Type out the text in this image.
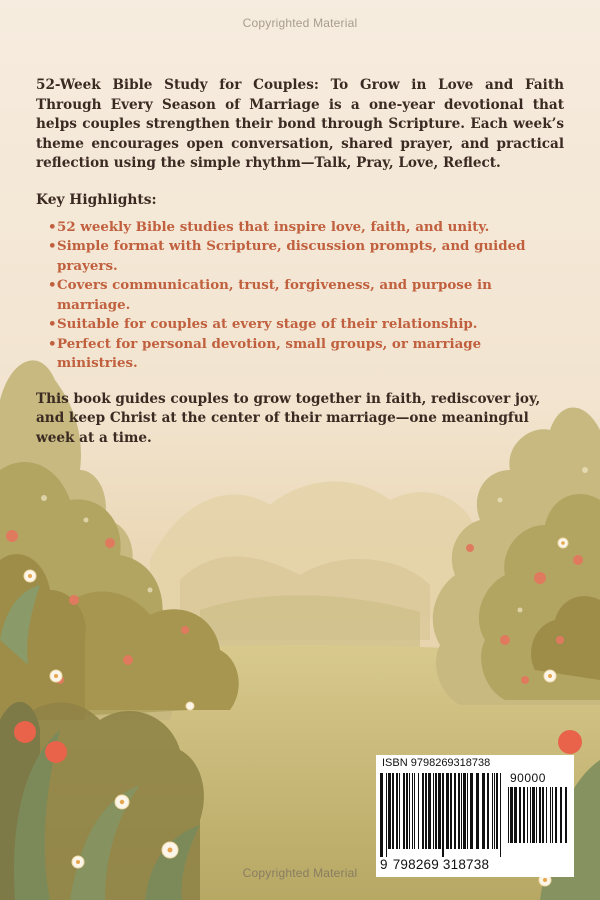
Copyrighted Material

52-Week Bible Study for Couples: To Grow in Love and Faith Through Every Season of Marriage is a one-year devotional that helps couples strengthen their bond through Scripture. Each week’s theme encourages open conversation, shared prayer, and practical reflection using the simple rhythm—Talk, Pray, Love, Reflect.

Key Highlights:
• 52 weekly Bible studies that inspire love, faith, and unity.
• Simple format with Scripture, discussion prompts, and guided prayers.
• Covers communication, trust, forgiveness, and purpose in marriage.
• Suitable for couples at every stage of their relationship.
• Perfect for personal devotion, small groups, or marriage ministries.

This book guides couples to grow together in faith, rediscover joy, and keep Christ at the center of their marriage—one meaningful week at a time.

ISBN 9798269318738
90000
9 798269 318738
Copyrighted Material
